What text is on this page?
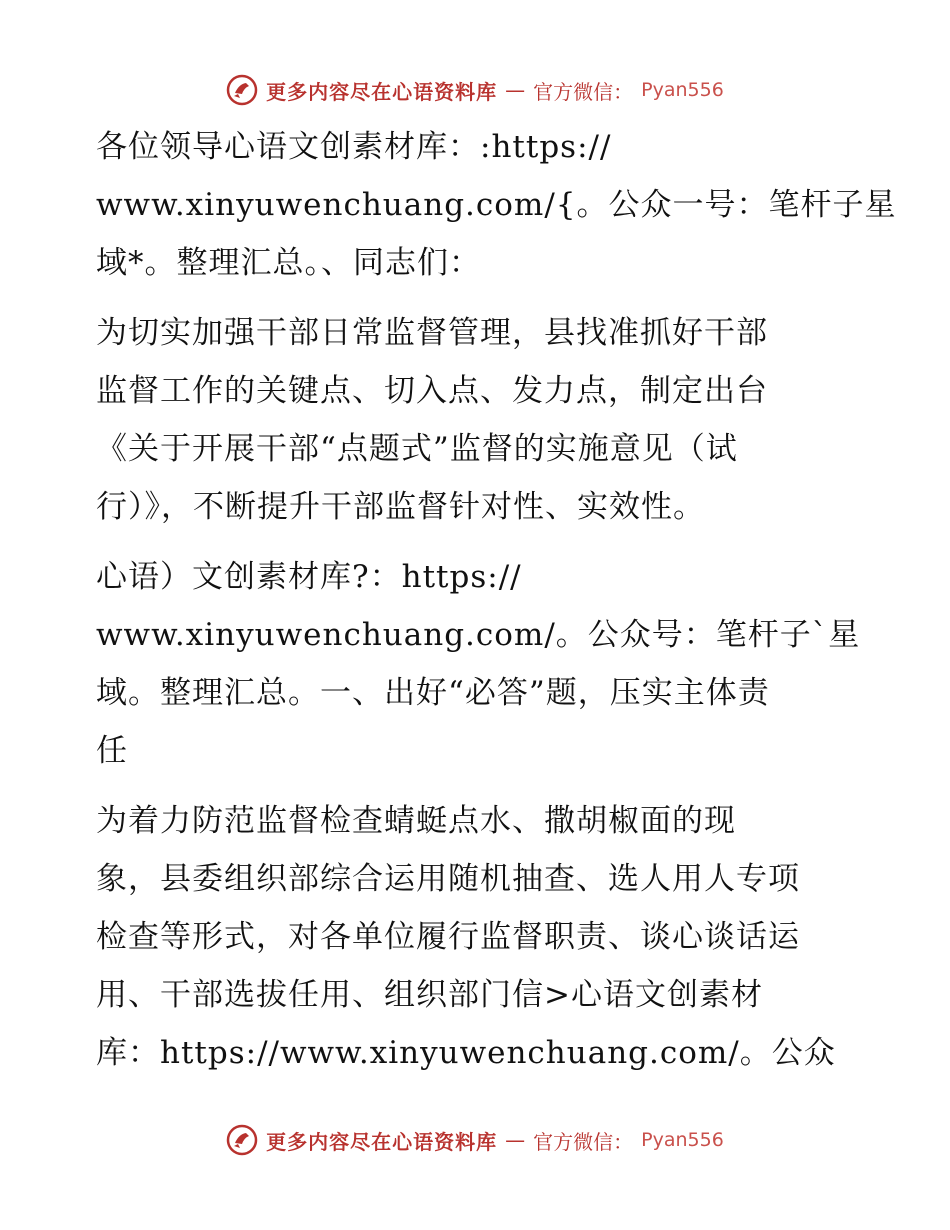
更多内容尽在心语资料库 — 官方微信： Pyan556
各位领导心语文创素材库：:https://
www.xinyuwenchuang.com/{。公众一号：笔杆子星
域*。整理汇总。、同志们：
为切实加强干部日常监督管理，县找准抓好干部
监督工作的关键点、切入点、发力点，制定出台
《关于开展干部“点题式”监督的实施意见（试
行）》，不断提升干部监督针对性、实效性。
心语）文创素材库?：https://
www.xinyuwenchuang.com/。公众号：笔杆子`星
域。整理汇总。一、出好“必答”题，压实主体责
任
为着力防范监督检查蜻蜓点水、撒胡椒面的现
象，县委组织部综合运用随机抽查、选人用人专项
检查等形式，对各单位履行监督职责、谈心谈话运
用、干部选拔任用、组织部门信>心语文创素材
库：https://www.xinyuwenchuang.com/。公众
更多内容尽在心语资料库 — 官方微信： Pyan556
